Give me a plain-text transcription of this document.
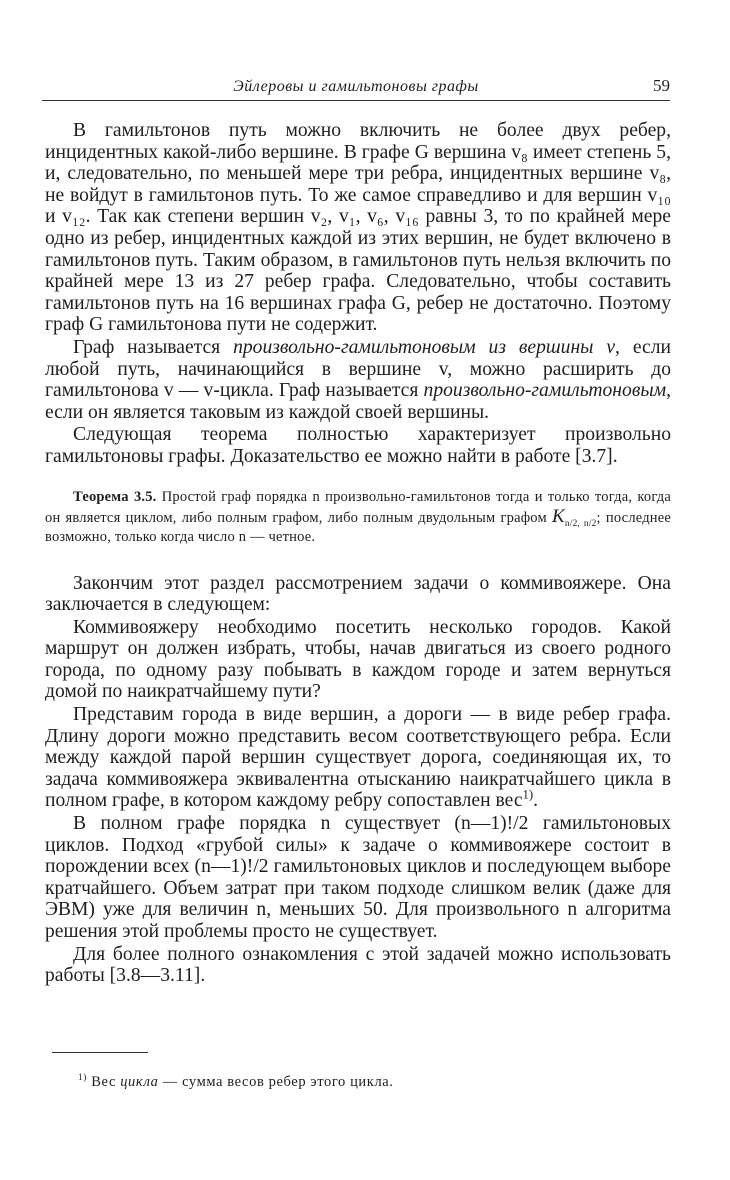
Эйлеровы и гамильтоновы графы	59

В гамильтонов путь можно включить не более двух ребер, инцидентных какой-либо вершине. В графе G вершина v₈ имеет степень 5, и, следовательно, по меньшей мере три ребра, инцидентных вершине v₈, не войдут в гамильтонов путь. То же самое справедливо и для вершин v₁₀ и v₁₂. Так как степени вершин v₂, v₁, v₆, v₁₆ равны 3, то по крайней мере одно из ребер, инцидентных каждой из этих вершин, не будет включено в гамильтонов путь. Таким образом, в гамильтонов путь нельзя включить по крайней мере 13 из 27 ребер графа. Следовательно, чтобы составить гамильтонов путь на 16 вершинах графа G, ребер не достаточно. Поэтому граф G гамильтонова пути не содержит.

Граф называется произвольно-гамильтоновым из вершины v, если любой путь, начинающийся в вершине v, можно расширить до гамильтонова v — v-цикла. Граф называется произвольно-гамильтоновым, если он является таковым из каждой своей вершины.

Следующая теорема полностью характеризует произвольно гамильтоновы графы. Доказательство ее можно найти в работе [3.7].

Теорема 3.5. Простой граф порядка n произвольно-гамильтонов тогда и только тогда, когда он является циклом, либо полным графом, либо полным двудольным графом $K_{n/2, n/2}$; последнее возможно, только когда число n — четное.

Закончим этот раздел рассмотрением задачи о коммивояжере. Она заключается в следующем:

Коммивояжеру необходимо посетить несколько городов. Какой маршрут он должен избрать, чтобы, начав двигаться из своего родного города, по одному разу побывать в каждом городе и затем вернуться домой по наикратчайшему пути?

Представим города в виде вершин, а дороги — в виде ребер графа. Длину дороги можно представить весом соответствующего ребра. Если между каждой парой вершин существует дорога, соединяющая их, то задача коммивояжера эквивалентна отысканию наикратчайшего цикла в полном графе, в котором каждому ребру сопоставлен вес$^{1)}$.

В полном графе порядка n существует (n—1)!/2 гамильтоновых циклов. Подход «грубой силы» к задаче о коммивояжере состоит в порождении всех (n—1)!/2 гамильтоновых циклов и последующем выборе кратчайшего. Объем затрат при таком подходе слишком велик (даже для ЭВМ) уже для величин n, меньших 50. Для произвольного n алгоритма решения этой проблемы просто не существует.

Для более полного ознакомления с этой задачей можно использовать работы [3.8—3.11].

$^{1)}$ Вес цикла — сумма весов ребер этого цикла.
